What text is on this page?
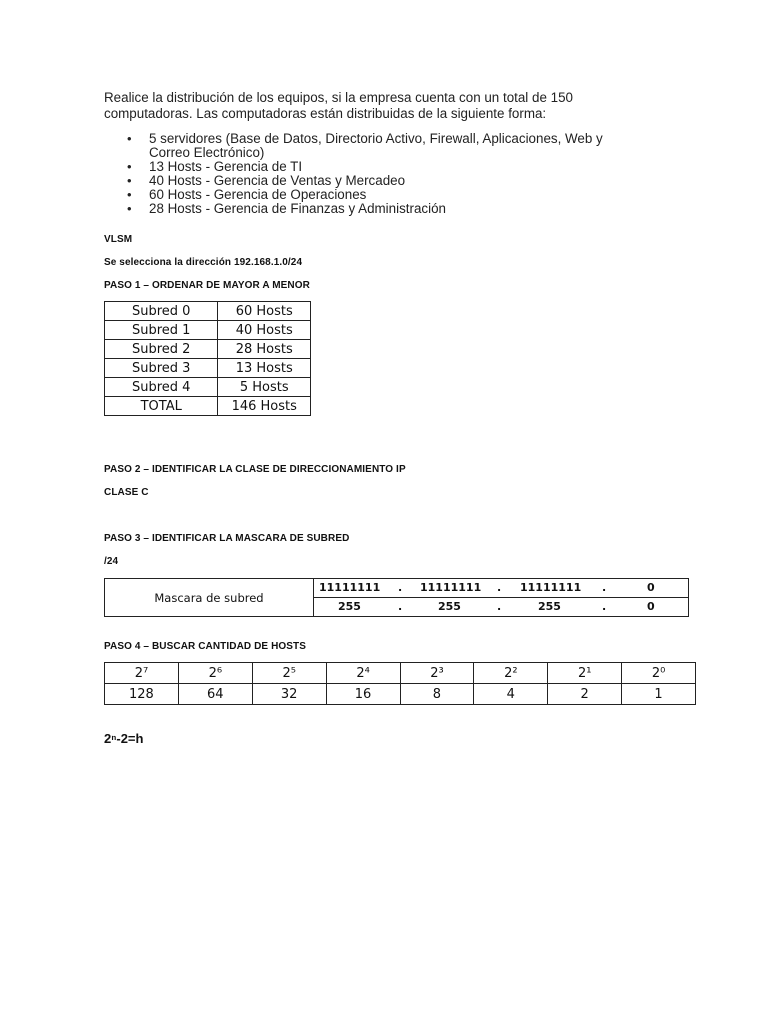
Realice la distribución de los equipos, si la empresa cuenta con un total de 150

computadoras. Las computadoras están distribuidas de la siguiente forma:

• 5 servidores (Base de Datos, Directorio Activo, Firewall, Aplicaciones, Web y
Correo Electrónico)
• 13 Hosts - Gerencia de TI
• 40 Hosts - Gerencia de Ventas y Mercadeo
• 60 Hosts - Gerencia de Operaciones
• 28 Hosts - Gerencia de Finanzas y Administración
VLSM
Se selecciona la dirección 192.168.1.0/24
PASO 1 – ORDENAR DE MAYOR A MENOR
Subred 0	60 Hosts
Subred 1	40 Hosts
Subred 2	28 Hosts
Subred 3	13 Hosts
Subred 4	5 Hosts
TOTAL	146 Hosts
PASO 2 – IDENTIFICAR LA CLASE DE DIRECCIONAMIENTO IP
CLASE C
PASO 3 – IDENTIFICAR LA MASCARA DE SUBRED
/24
Mascara de subred	
11111111 . 11111111 . 11111111 .	0

255	.	255	.	255	.	0
PASO 4 – BUSCAR CANTIDAD DE HOSTS
2⁷	2⁶	2⁵	2⁴	2³	2²	2¹	2⁰
128	64	32	16	8	4	2	1
2ⁿ-2=h
